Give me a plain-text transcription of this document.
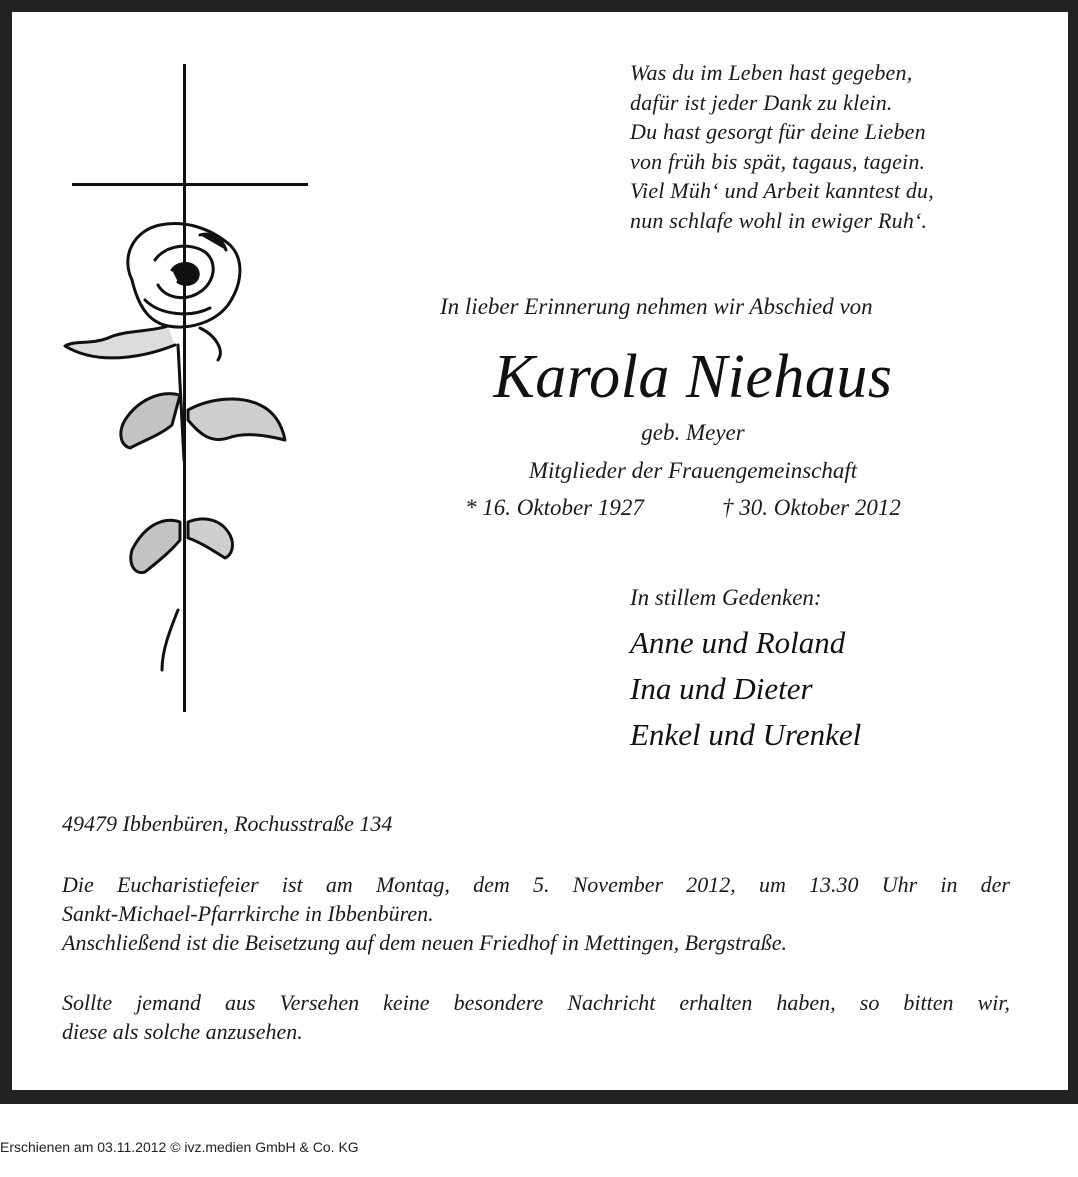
Was du im Leben hast gegeben,
dafür ist jeder Dank zu klein.
Du hast gesorgt für deine Lieben
von früh bis spät, tagaus, tagein.
Viel Müh‘ und Arbeit kanntest du,
nun schlafe wohl in ewiger Ruh‘.
In lieber Erinnerung nehmen wir Abschied von
Karola Niehaus
geb. Meyer
Mitglieder der Frauengemeinschaft
* 16. Oktober 1927	† 30. Oktober 2012
In stillem Gedenken:
Anne und Roland
Ina und Dieter
Enkel und Urenkel
49479 Ibbenbüren, Rochusstraße 134
Die Eucharistiefeier ist am Montag, dem 5. November 2012, um 13.30 Uhr in der
Sankt-Michael-Pfarrkirche in Ibbenbüren.
Anschließend ist die Beisetzung auf dem neuen Friedhof in Mettingen, Bergstraße.
Sollte jemand aus Versehen keine besondere Nachricht erhalten haben, so bitten wir,
diese als solche anzusehen.
Erschienen am 03.11.2012 © ivz.medien GmbH & Co. KG
